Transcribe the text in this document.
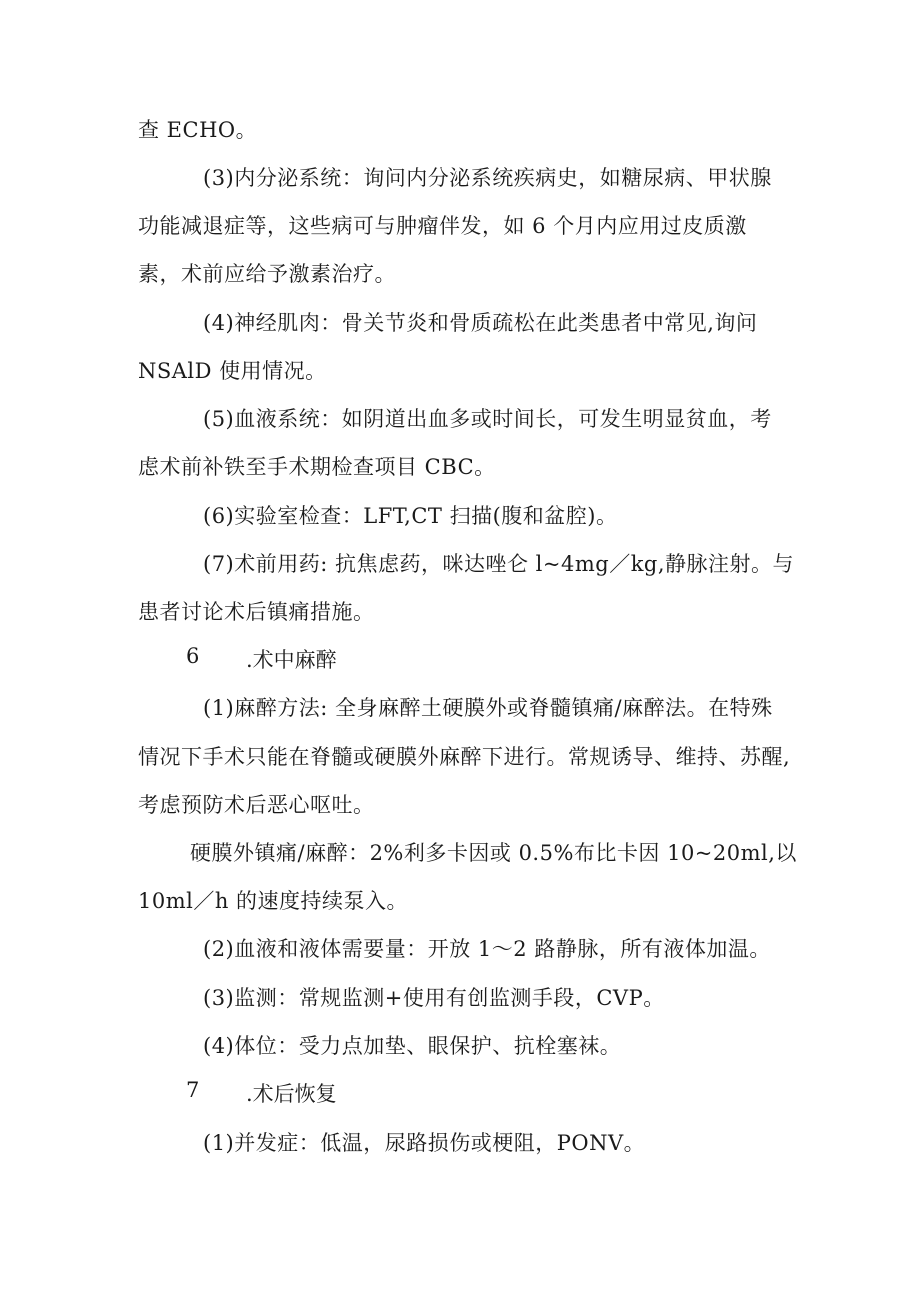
查 ECHO。
(3)内分泌系统：询问内分泌系统疾病史，如糖尿病、甲状腺
功能减退症等，这些病可与肿瘤伴发，如 6 个月内应用过皮质激
素，术前应给予激素治疗。
(4)神经肌肉：骨关节炎和骨质疏松在此类患者中常见,询问
NSAlD 使用情况。
(5)血液系统：如阴道出血多或时间长，可发生明显贫血，考
虑术前补铁至手术期检查项目 CBC。
(6)实验室检查：LFT,CT 扫描(腹和盆腔)。
(7)术前用药: 抗焦虑药，咪达唑仑 l~4mg／kg,静脉注射。与
患者讨论术后镇痛措施。
6 .术中麻醉
(1)麻醉方法: 全身麻醉土硬膜外或脊髓镇痛/麻醉法。在特殊
情况下手术只能在脊髓或硬膜外麻醉下进行。常规诱导、维持、苏醒,
考虑预防术后恶心呕吐。
硬膜外镇痛/麻醉：2%利多卡因或 0.5%布比卡因 10~20ml,以
10ml／h 的速度持续泵入。
(2)血液和液体需要量：开放 1～2 路静脉，所有液体加温。
(3)监测：常规监测+使用有创监测手段，CVP。
(4)体位：受力点加垫、眼保护、抗栓塞袜。
7 .术后恢复
(1)并发症：低温，尿路损伤或梗阻，PONV。
